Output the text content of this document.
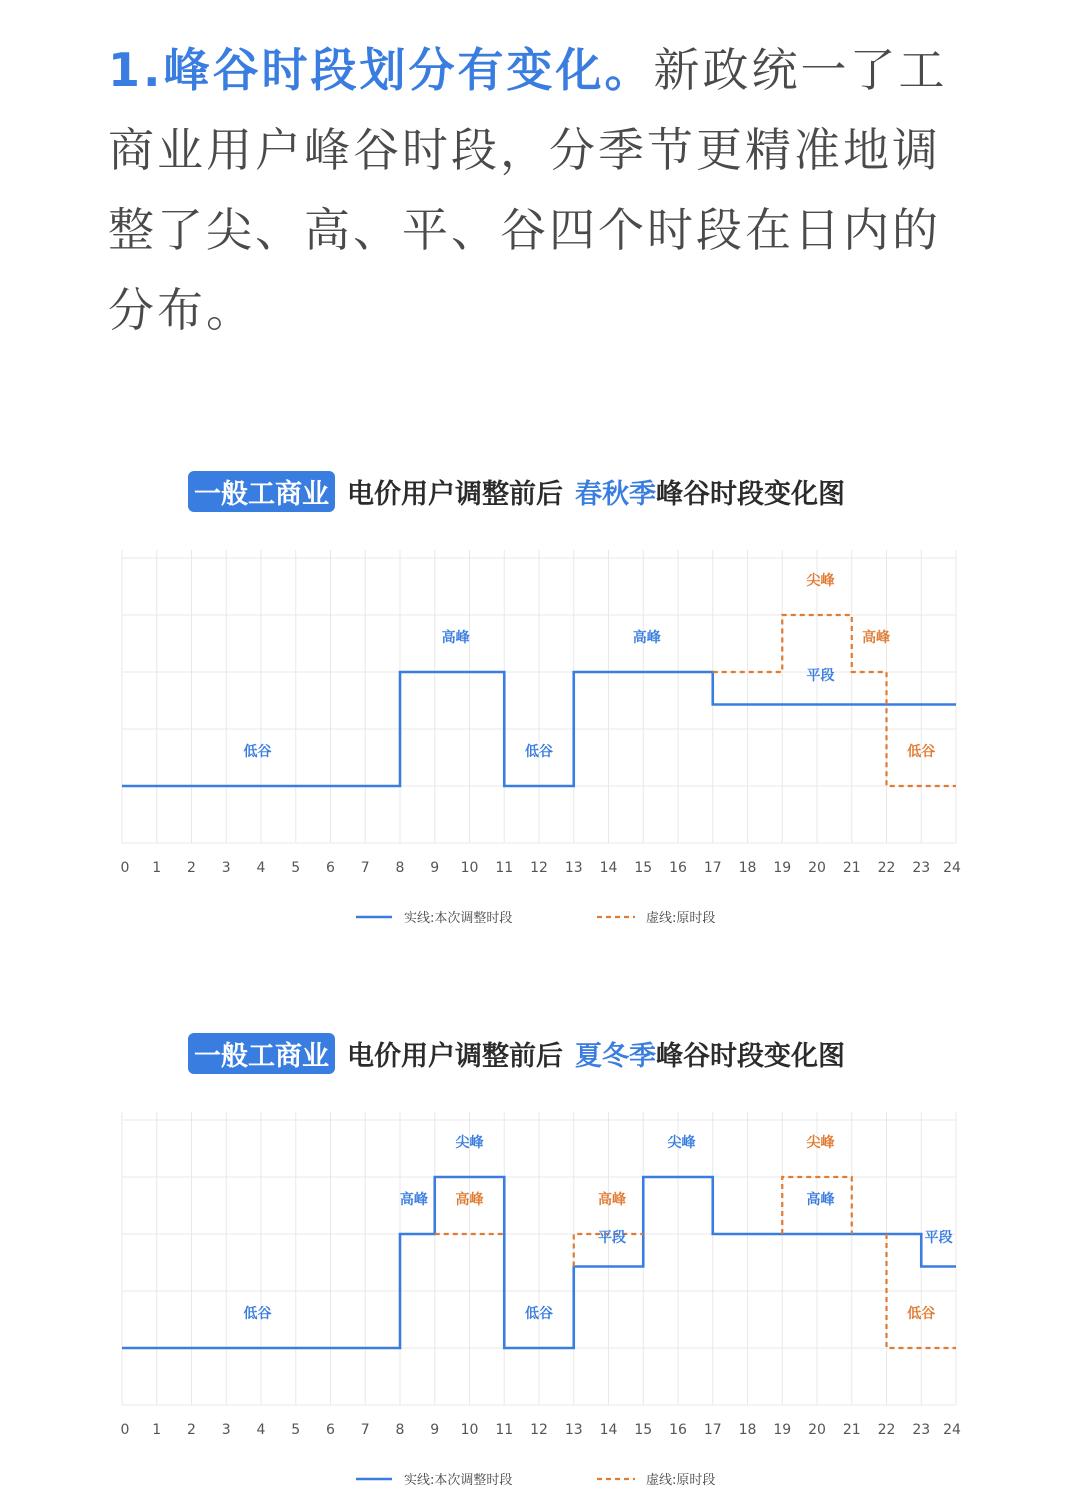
1.峰谷时段划分有变化。新政统一了工商业用户峰谷时段，分季节更精准地调整了尖、高、平、谷四个时段在日内的分布。

一般工商业 电价用户调整前后 春秋季 峰谷时段变化图
低谷
高峰
低谷
高峰
平段
尖峰
高峰
低谷
0 1 2 3 4 5 6 7 8 9 10 11 12 13 14 15 16 17 18 19 20 21 22 23 24
实线:本次调整时段	虚线:原时段
一般工商业 电价用户调整前后 夏冬季 峰谷时段变化图
低谷
高峰
尖峰
高峰
低谷
高峰
平段
尖峰	尖峰
高峰
平段
低谷
0 1 2 3 4 5 6 7 8 9 10 11 12 13 14 15 16 17 18 19 20 21 22 23 24
实线:本次调整时段	虚线:原时段
